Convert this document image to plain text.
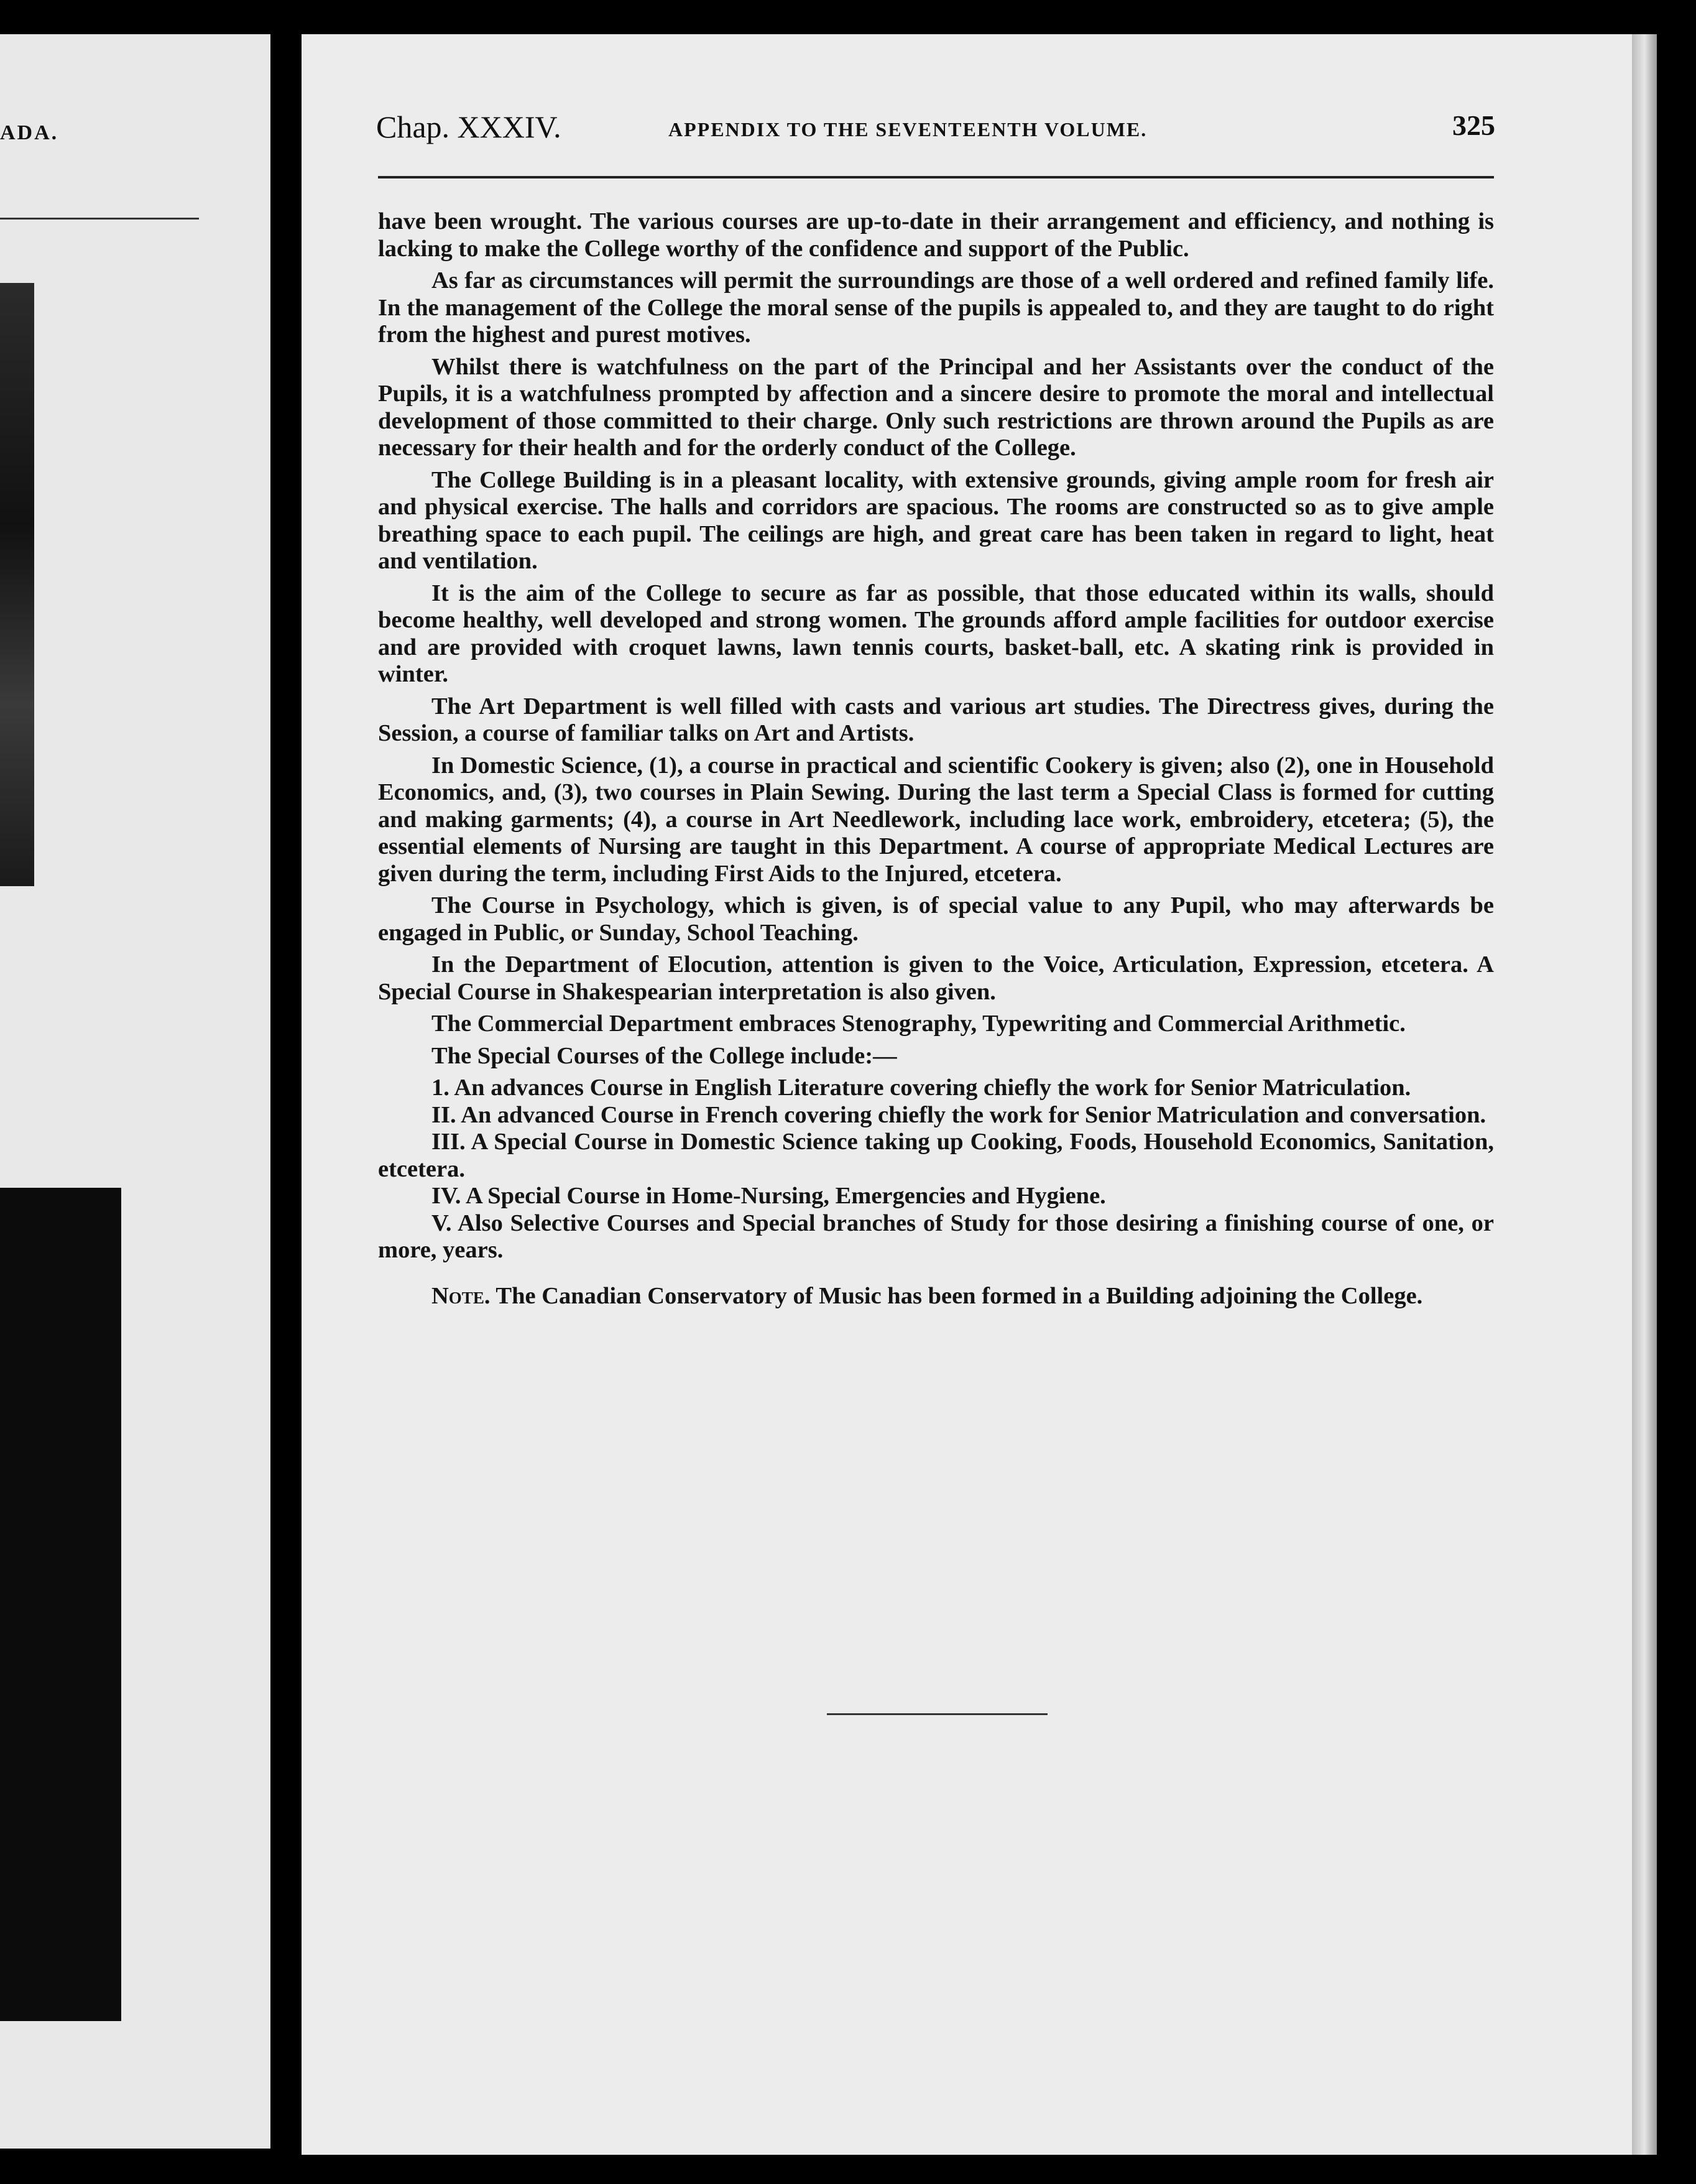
ADA.	Chap. XXXIV.	APPENDIX TO THE SEVENTEENTH VOLUME.	325

have been wrought. The various courses are up-to-date in their arrangement and efficiency, and nothing is lacking to make the College worthy of the confidence and support of the Public.

As far as circumstances will permit the surroundings are those of a well ordered and refined family life. In the management of the College the moral sense of the pupils is appealed to, and they are taught to do right from the highest and purest motives.

Whilst there is watchfulness on the part of the Principal and her Assistants over the conduct of the Pupils, it is a watchfulness prompted by affection and a sincere desire to promote the moral and intellectual development of those committed to their charge. Only such restrictions are thrown around the Pupils as are necessary for their health and for the orderly conduct of the College.

The College Building is in a pleasant locality, with extensive grounds, giving ample room for fresh air and physical exercise. The halls and corridors are spacious. The rooms are constructed so as to give ample breathing space to each pupil. The ceilings are high, and great care has been taken in regard to light, heat and ventilation.

It is the aim of the College to secure as far as possible, that those educated within its walls, should become healthy, well developed and strong women. The grounds afford ample facilities for outdoor exercise and are provided with croquet lawns, lawn tennis courts, basket-ball, etc. A skating rink is provided in winter.

The Art Department is well filled with casts and various art studies. The Directress gives, during the Session, a course of familiar talks on Art and Artists.

In Domestic Science, (1), a course in practical and scientific Cookery is given; also (2), one in Household Economics, and, (3), two courses in Plain Sewing. During the last term a Special Class is formed for cutting and making garments; (4), a course in Art Needlework, including lace work, embroidery, etcetera; (5), the essential elements of Nursing are taught in this Department. A course of appropriate Medical Lectures are given during the term, including First Aids to the Injured, etcetera.

The Course in Psychology, which is given, is of special value to any Pupil, who may afterwards be engaged in Public, or Sunday, School Teaching.

In the Department of Elocution, attention is given to the Voice, Articulation, Expression, etcetera. A Special Course in Shakespearian interpretation is also given.

The Commercial Department embraces Stenography, Typewriting and Commercial Arithmetic.

The Special Courses of the College include:—

1. An advances Course in English Literature covering chiefly the work for Senior Matriculation.

II. An advanced Course in French covering chiefly the work for Senior Matriculation and conversation.

III. A Special Course in Domestic Science taking up Cooking, Foods, Household Economics, Sanitation, etcetera.

IV. A Special Course in Home-Nursing, Emergencies and Hygiene.

V. Also Selective Courses and Special branches of Study for those desiring a finishing course of one, or more, years.

Note. The Canadian Conservatory of Music has been formed in a Building adjoining the College.
